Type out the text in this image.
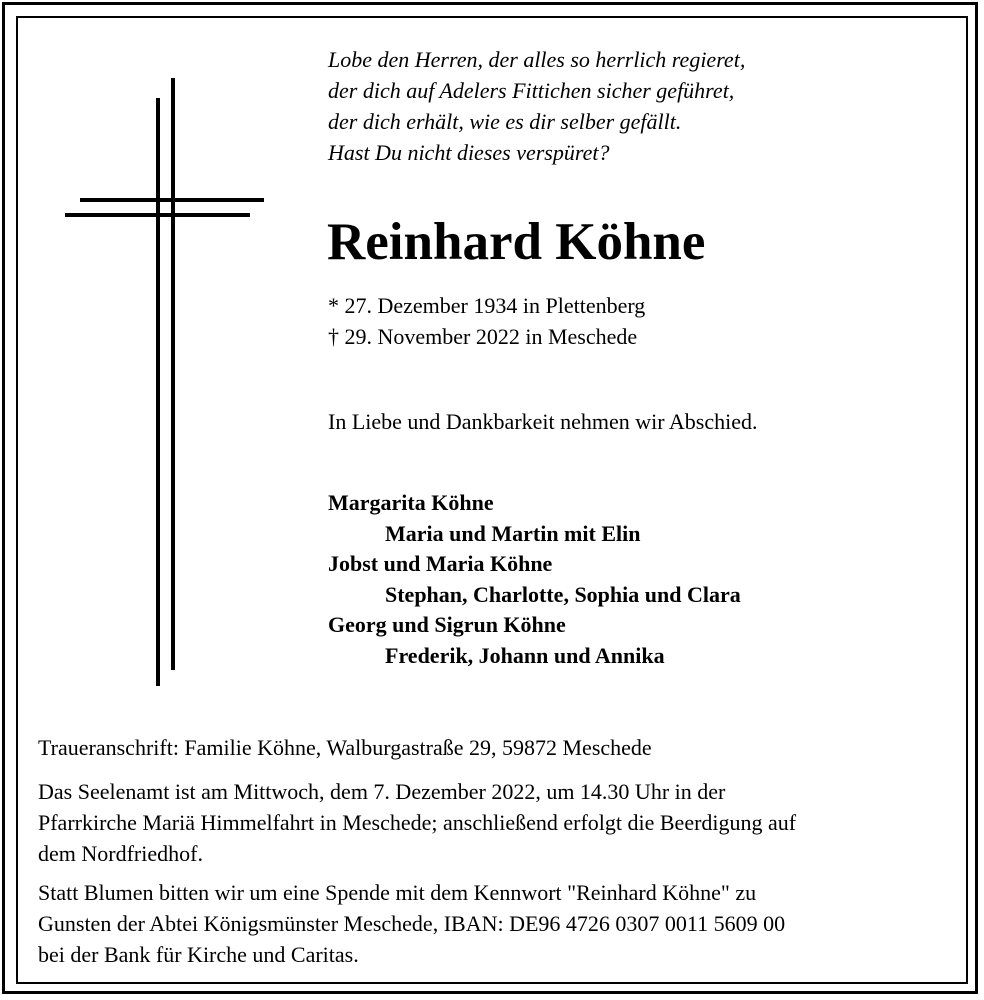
Lobe den Herren, der alles so herrlich regieret,
der dich auf Adelers Fittichen sicher geführet,
der dich erhält, wie es dir selber gefällt.
Hast Du nicht dieses verspüret?
Reinhard Köhne
* 27. Dezember 1934 in Plettenberg
† 29. November 2022 in Meschede
In Liebe und Dankbarkeit nehmen wir Abschied.
Margarita Köhne
Maria und Martin mit Elin
Jobst und Maria Köhne
Stephan, Charlotte, Sophia und Clara
Georg und Sigrun Köhne
Frederik, Johann und Annika
Traueranschrift: Familie Köhne, Walburgastraße 29, 59872 Meschede
Das Seelenamt ist am Mittwoch, dem 7. Dezember 2022, um 14.30 Uhr in der
Pfarrkirche Mariä Himmelfahrt in Meschede; anschließend erfolgt die Beerdigung auf
dem Nordfriedhof.
Statt Blumen bitten wir um eine Spende mit dem Kennwort "Reinhard Köhne" zu
Gunsten der Abtei Königsmünster Meschede, IBAN: DE96 4726 0307 0011 5609 00
bei der Bank für Kirche und Caritas.
